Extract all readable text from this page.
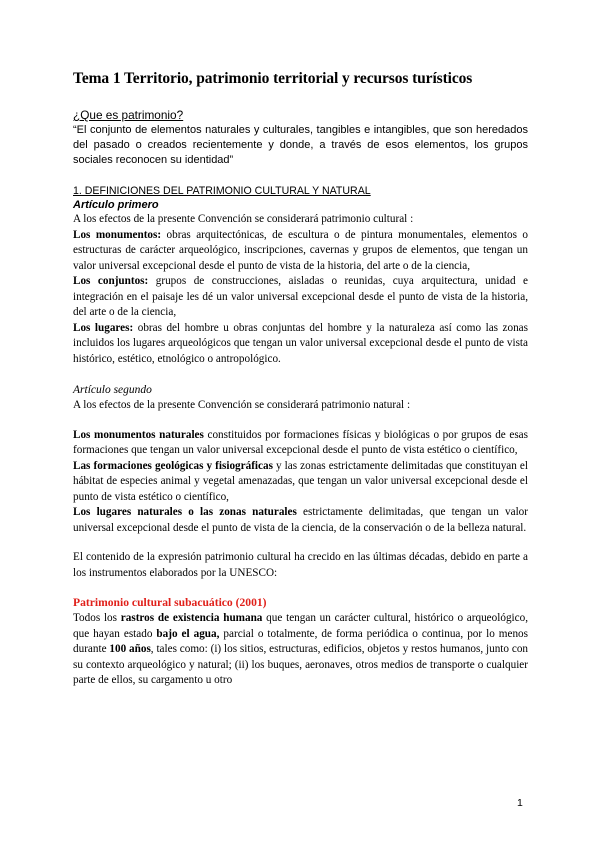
Tema 1 Territorio, patrimonio territorial y recursos turísticos

¿Que es patrimonio?

“El conjunto de elementos naturales y culturales, tangibles e intangibles, que son heredados del pasado o creados recientemente y donde, a través de esos elementos, los grupos sociales reconocen su identidad”

1. DEFINICIONES DEL PATRIMONIO CULTURAL Y NATURAL

Artículo primero

A los efectos de la presente Convención se considerará patrimonio cultural :

Los monumentos: obras arquitectónicas, de escultura o de pintura monumentales, elementos o estructuras de carácter arqueológico, inscripciones, cavernas y grupos de elementos, que tengan un valor universal excepcional desde el punto de vista de la historia, del arte o de la ciencia,

Los conjuntos: grupos de construcciones, aisladas o reunidas, cuya arquitectura, unidad e integración en el paisaje les dé un valor universal excepcional desde el punto de vista de la historia, del arte o de la ciencia,

Los lugares: obras del hombre u obras conjuntas del hombre y la naturaleza así como las zonas incluidos los lugares arqueológicos que tengan un valor universal excepcional desde el punto de vista histórico, estético, etnológico o antropológico.

Artículo segundo

A los efectos de la presente Convención se considerará patrimonio natural :

Los monumentos naturales constituidos por formaciones físicas y biológicas o por grupos de esas formaciones que tengan un valor universal excepcional desde el punto de vista estético o científico,

Las formaciones geológicas y fisiográficas y las zonas estrictamente delimitadas que constituyan el hábitat de especies animal y vegetal amenazadas, que tengan un valor universal excepcional desde el punto de vista estético o científico,

Los lugares naturales o las zonas naturales estrictamente delimitadas, que tengan un valor universal excepcional desde el punto de vista de la ciencia, de la conservación o de la belleza natural.

El contenido de la expresión patrimonio cultural ha crecido en las últimas décadas, debido en parte a los instrumentos elaborados por la UNESCO:

Patrimonio cultural subacuático (2001)

Todos los rastros de existencia humana que tengan un carácter cultural, histórico o arqueológico, que hayan estado bajo el agua, parcial o totalmente, de forma periódica o continua, por lo menos durante 100 años, tales como: (i) los sitios, estructuras, edificios, objetos y restos humanos, junto con su contexto arqueológico y natural; (ii) los buques, aeronaves, otros medios de transporte o cualquier parte de ellos, su cargamento u otro

1
